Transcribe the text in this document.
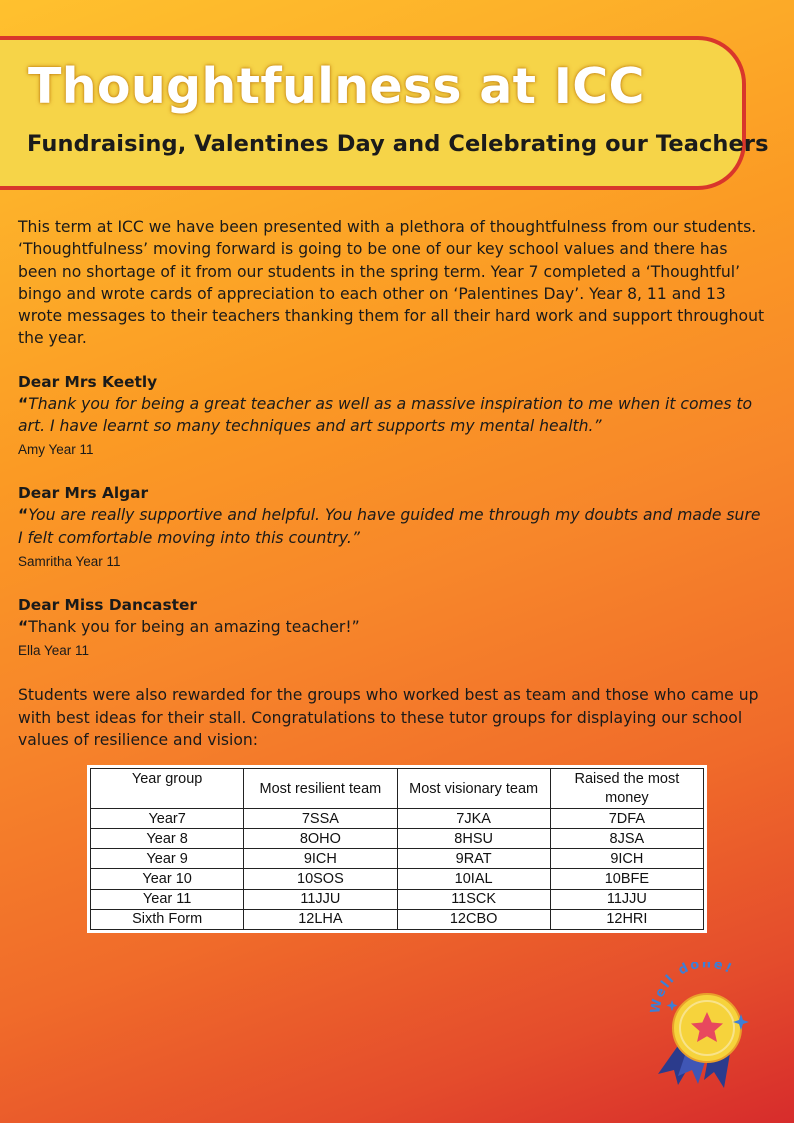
Thoughtfulness at ICC
Fundraising, Valentines Day and Celebrating our Teachers

This term at ICC we have been presented with a plethora of thoughtfulness from our students. ‘Thoughtfulness’ moving forward is going to be one of our key school values and there has been no shortage of it from our students in the spring term. Year 7 completed a ‘Thoughtful’ bingo and wrote cards of appreciation to each other on ‘Palentines Day’. Year 8, 11 and 13 wrote messages to their teachers thanking them for all their hard work and support throughout the year.

Dear Mrs Keetly

“Thank you for being a great teacher as well as a massive inspiration to me when it comes to art. I have learnt so many techniques and art supports my mental health.”

Amy Year 11

Dear Mrs Algar

“You are really supportive and helpful. You have guided me through my doubts and made sure I felt comfortable moving into this country.”

Samritha Year 11

Dear Miss Dancaster

“Thank you for being an amazing teacher!”

Ella Year 11

Students were also rewarded for the groups who worked best as team and those who came up with best ideas for their stall. Congratulations to these tutor groups for displaying our school values of resilience and vision:

Year group	Most resilient team	Most visionary team	Raised the most money
Year7	7SSA	7JKA	7DFA
Year 8	8OHO	8HSU	8JSA
Year 9	9ICH	9RAT	9ICH
Year 10	10SOS	10IAL	10BFE
Year 11	11JJU	11SCK	11JJU
Sixth Form	12LHA	12CBO	12HRI
Well done!
